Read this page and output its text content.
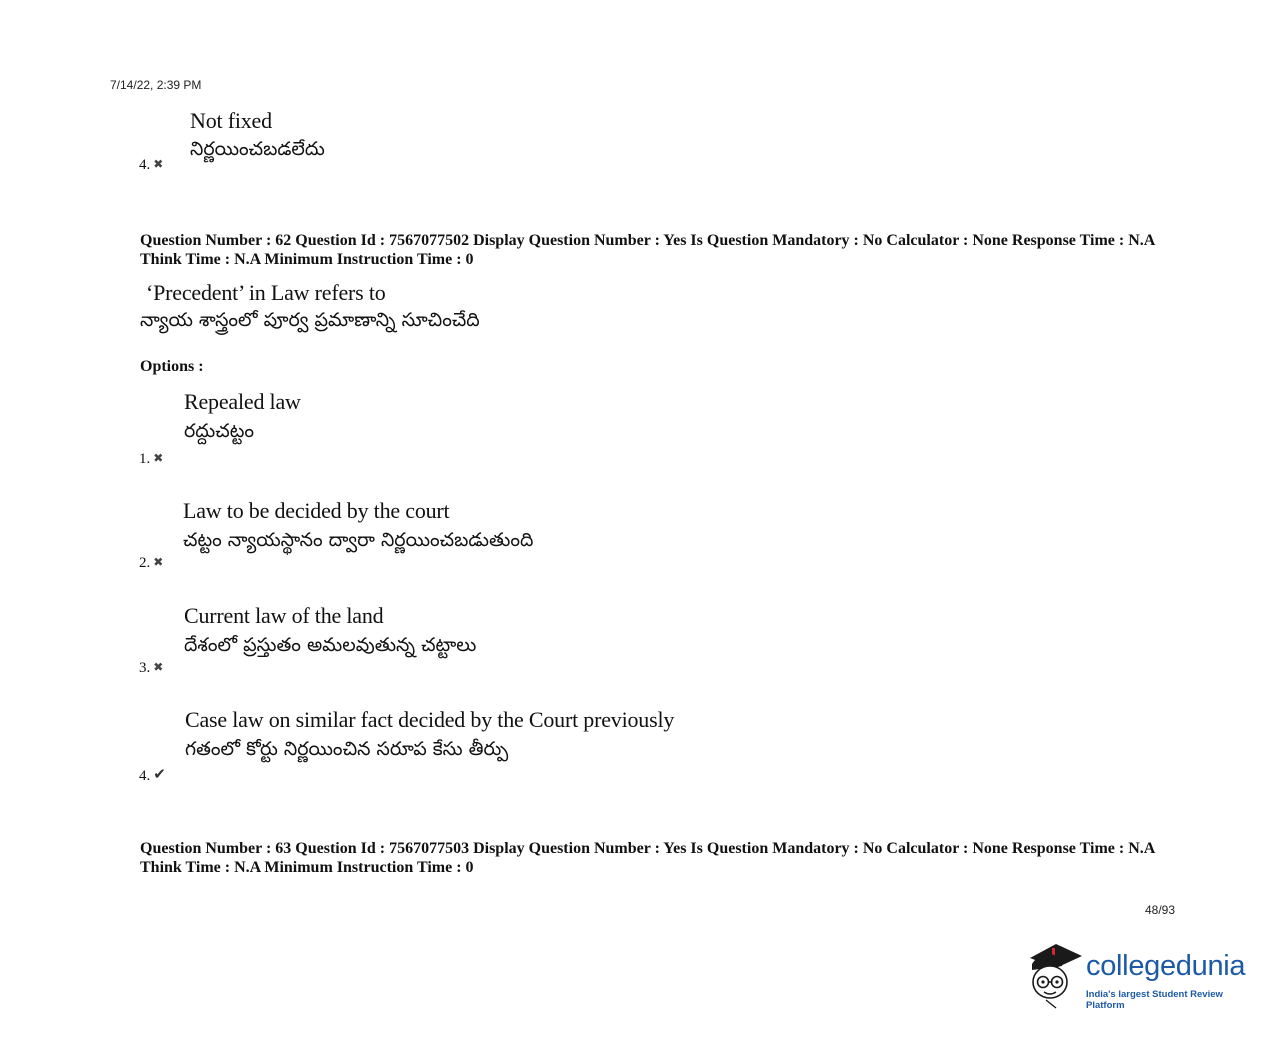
7/14/22, 2:39 PM
Not fixed
నిర్ణయించబడలేదు
4. ✖
Question Number : 62 Question Id : 7567077502 Display Question Number : Yes Is Question Mandatory : No Calculator : None Response Time : N.A Think Time : N.A Minimum Instruction Time : 0
‘Precedent’ in Law refers to
న్యాయ శాస్త్రంలో పూర్వ ప్రమాణాన్ని సూచించేది
Options :
Repealed law
రద్దుచట్టం
1. ✖
Law to be decided by the court
చట్టం న్యాయస్థానం ద్వారా నిర్ణయించబడుతుంది
2. ✖
Current law of the land
దేశంలో ప్రస్తుతం అమలవుతున్న చట్టాలు
3. ✖
Case law on similar fact decided by the Court previously
గతంలో కోర్టు నిర్ణయించిన సరూప కేసు తీర్పు
4. ✔
Question Number : 63 Question Id : 7567077503 Display Question Number : Yes Is Question Mandatory : No Calculator : None Response Time : N.A Think Time : N.A Minimum Instruction Time : 0
48/93
collegedunia
India's largest Student Review Platform
